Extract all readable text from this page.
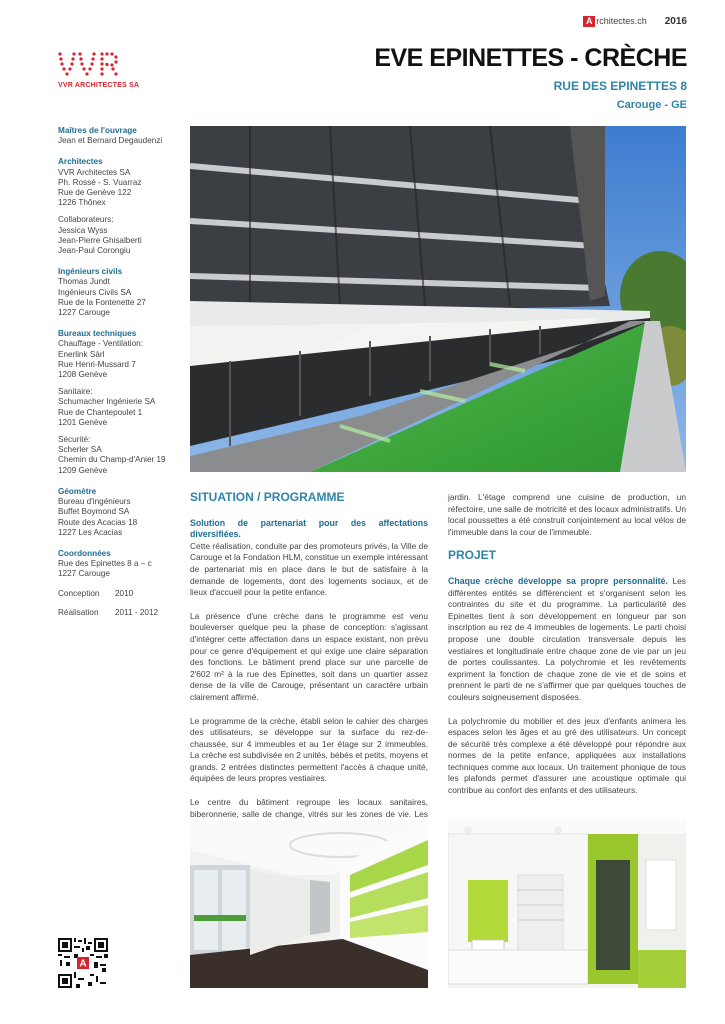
A rchitectes.ch 2016
VVR ARCHITECTES SA
EVE EPINETTES - CRÈCHE
RUE DES EPINETTES 8
Carouge - GE
Maîtres de l'ouvrage
Jean et Bernard Degaudenzi
Architectes
VVR Architectes SA
Ph. Rossé - S. Vuarraz
Rue de Genève 122
1226 Thônex
Collaborateurs:
Jessica Wyss
Jean-Pierre Ghisalberti
Jean-Paul Corongiu
Ingénieurs civils
Thomas Jundt
Ingénieurs Civils SA
Rue de la Fontenette 27
1227 Carouge
Bureaux techniques
Chauffage - Ventilation:
Enerlink Sàrl
Rue Henri-Mussard 7
1208 Genève
Sanitaire:
Schumacher Ingénierie SA
Rue de Chantepoulet 1
1201 Genève
Sécurité:
Scherler SA
Chemin du Champ-d'Anier 19
1209 Genève
Géomètre
Bureau d'ingénieurs
Buffet Boymond SA
Route des Acacias 18
1227 Les Acacias
Coordonnées
Rue des Epinettes 8 a – c
1227 Carouge
Conception	2010
Réalisation	2011 - 2012
SITUATION / PROGRAMME

Solution de partenariat pour des affectations diversifiées.

Cette réalisation, conduite par des promoteurs privés, la Ville de Carouge et la Fondation HLM, constitue un exemple intéressant de partenariat mis en place dans le but de satisfaire à la demande de logements, dont des logements sociaux, et de lieux d'accueil pour la petite enfance.

La présence d'une crèche dans le programme est venu bouleverser quelque peu la phase de conception: s'agissant d'intégrer cette affectation dans un espace existant, non prévu pour ce genre d'équipement et qui exige une claire séparation des fonctions. Le bâtiment prend place sur une parcelle de 2'602 m² à la rue des Epinettes, soit dans un quartier assez dense de la ville de Carouge, présentant un caractère urbain clairement affirmé.

Le programme de la crèche, établi selon le cahier des charges des utilisateurs, se développe sur la surface du rez-de-chaussée, sur 4 immeubles et au 1er étage sur 2 immeubles. La crèche est subdivisée en 2 unités, bébés et petits, moyens et grands. 2 entrées distinctes permettent l'accès à chaque unité, équipées de leurs propres vestiaires.

Le centre du bâtiment regroupe les locaux sanitaires, biberonnerie, salle de change, vitrés sur les zones de vie. Les

jardin. L'étage comprend une cuisine de production, un réfectoire, une salle de motricité et des locaux administratifs. Un local poussettes a été construit conjointement au local vélos de l'immeuble dans la cour de l'immeuble.

PROJET

Chaque crèche développe sa propre personnalité. Les différentes entités se différencient et s'organisent selon les contraintes du site et du programme. La particularité des Epinettes tient à son développement en longueur par son inscription au rez de 4 immeubles de logements. Le parti choisi propose une double circulation transversale depuis les vestiaires et longitudinale entre chaque zone de vie par un jeu de portes coulissantes. La polychromie et les revêtements expriment la fonction de chaque zone de vie et de soins et prennent le parti de ne s'affirmer que par quelques touches de couleurs soigneusement disposées.

La polychromie du mobilier et des jeux d'enfants animera les espaces selon les âges et au gré des utilisateurs. Un concept de sécurité très complexe a été développé pour répondre aux normes de la petite enfance, appliquées aux installations techniques comme aux locaux. Un traitement phonique de tous les plafonds permet d'assurer une acoustique optimale qui contribue au confort des enfants et des utilisateurs.

A
